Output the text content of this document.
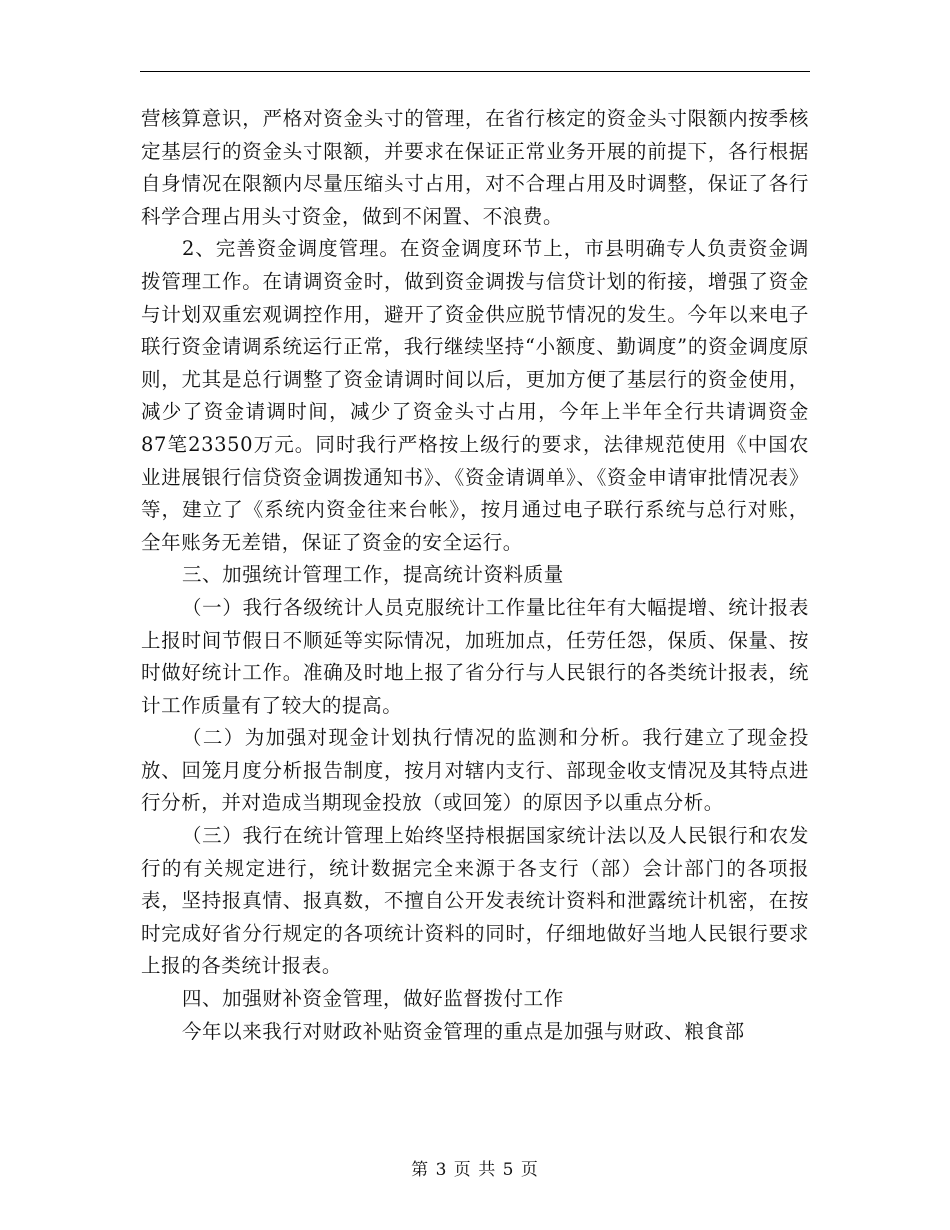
营核算意识，严格对资金头寸的管理，在省行核定的资金头寸限额内按季核定基层行的资金头寸限额，并要求在保证正常业务开展的前提下，各行根据自身情况在限额内尽量压缩头寸占用，对不合理占用及时调整，保证了各行科学合理占用头寸资金，做到不闲置、不浪费。

2、完善资金调度管理。在资金调度环节上，市县明确专人负责资金调拨管理工作。在请调资金时，做到资金调拨与信贷计划的衔接，增强了资金与计划双重宏观调控作用，避开了资金供应脱节情况的发生。今年以来电子联行资金请调系统运行正常，我行继续坚持“小额度、勤调度”的资金调度原则，尤其是总行调整了资金请调时间以后，更加方便了基层行的资金使用，减少了资金请调时间，减少了资金头寸占用，今年上半年全行共请调资金87笔23350万元。同时我行严格按上级行的要求，法律规范使用《中国农业进展银行信贷资金调拨通知书》、《资金请调单》、《资金申请审批情况表》等，建立了《系统内资金往来台帐》，按月通过电子联行系统与总行对账，全年账务无差错，保证了资金的安全运行。

三、加强统计管理工作，提高统计资料质量

（一）我行各级统计人员克服统计工作量比往年有大幅提增、统计报表上报时间节假日不顺延等实际情况，加班加点，任劳任怨，保质、保量、按时做好统计工作。准确及时地上报了省分行与人民银行的各类统计报表，统计工作质量有了较大的提高。

（二）为加强对现金计划执行情况的监测和分析。我行建立了现金投放、回笼月度分析报告制度，按月对辖内支行、部现金收支情况及其特点进行分析，并对造成当期现金投放（或回笼）的原因予以重点分析。

（三）我行在统计管理上始终坚持根据国家统计法以及人民银行和农发行的有关规定进行，统计数据完全来源于各支行（部）会计部门的各项报表，坚持报真情、报真数，不擅自公开发表统计资料和泄露统计机密，在按时完成好省分行规定的各项统计资料的同时，仔细地做好当地人民银行要求上报的各类统计报表。

四、加强财补资金管理，做好监督拨付工作

今年以来我行对财政补贴资金管理的重点是加强与财政、粮食部

第 3 页 共 5 页
